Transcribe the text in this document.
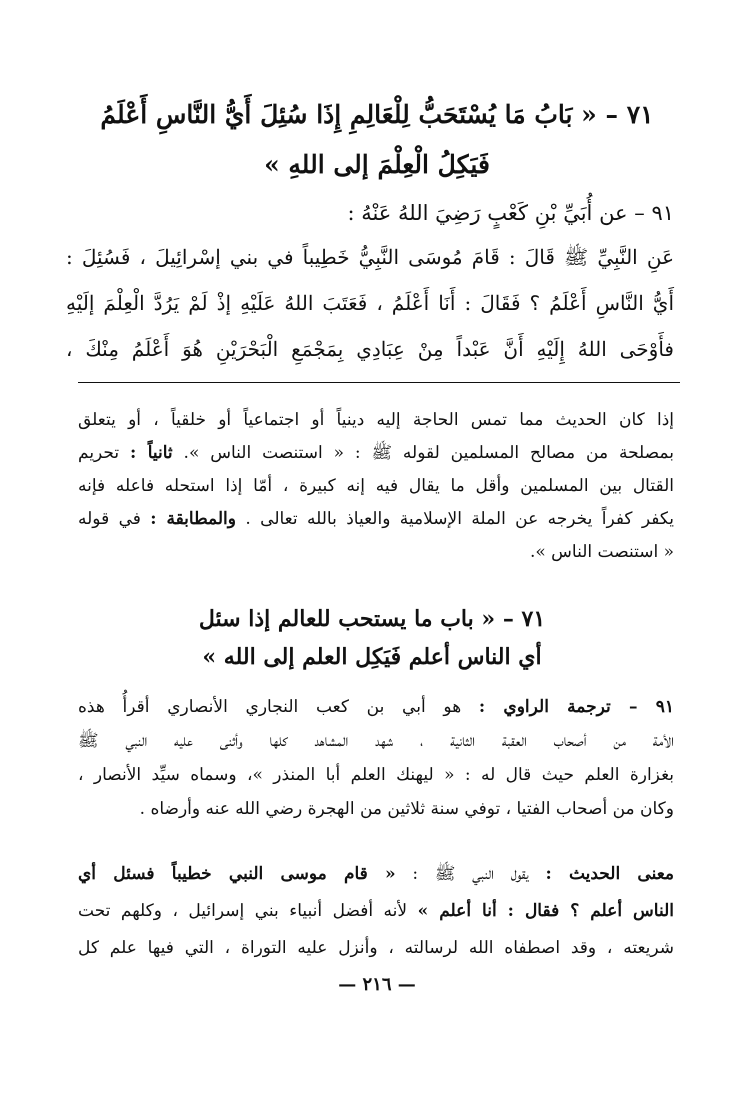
٧١ – « بَابُ مَا يُسْتَحَبُّ لِلْعَالِمِ إِذَا سُئِلَ أَيُّ النَّاسِ أَعْلَمُ
فَيَكِلُ الْعِلْمَ إلى اللهِ »
٩١ – عن أُبَيِّ بْنِ كَعْبٍ رَضِيَ اللهُ عَنْهُ :
عَنِ النَّبِيِّ ﷺ قَالَ : قَامَ مُوسَى النَّبِيُّ خَطِيباً في بني إسْرائِيلَ ، فَسُئِلَ :
أَيُّ النَّاسِ أَعْلَمُ ؟ فَقَالَ : أَنَا أَعْلَمُ ، فَعَتَبَ اللهُ عَلَيْهِ إذْ لَمْ يَرُدَّ الْعِلْمَ إلَيْهِ
فأَوْحَى اللهُ إِلَيْهِ أَنَّ عَبْداً مِنْ عِبَادِي بِمَجْمَعِ الْبَحْرَيْنِ هُوَ أَعْلَمُ مِنْكَ ،
إذا كان الحديث مما تمس الحاجة إليه دينياً أو اجتماعياً أو خلقياً ، أو يتعلق
بمصلحة من مصالح المسلمين لقوله ﷺ : « استنصت الناس ». ثانياً : تحريم
القتال بين المسلمين وأقل ما يقال فيه إنه كبيرة ، أمّا إذا استحله فاعله فإنه
يكفر كفراً يخرجه عن الملة الإسلامية والعياذ بالله تعالى . والمطابقة : في قوله
« استنصت الناس ».
٧١ – « باب ما يستحب للعالم إذا سئل
أي الناس أعلم فَيَكِل العلم إلى الله »
٩١ – ترجمة الراوي : هو أبي بن كعب النجاري الأنصاري أقرأُ هذه
الأمة من أصحاب العقبة الثانية ، شهد المشاهد كلها وأثنى عليه النبي ﷺ
بغزارة العلم حيث قال له : « ليهنك العلم أبا المنذر »، وسماه سيِّد الأنصار ،
وكان من أصحاب الفتيا ، توفي سنة ثلاثين من الهجرة رضي الله عنه وأرضاه .
معنى الحديث : يقول النبي ﷺ : « قام موسى النبي خطيباً فسئل أي
الناس أعلم ؟ فقال : أنا أعلم » لأنه أفضل أنبياء بني إسرائيل ، وكلهم تحت
شريعته ، وقد اصطفاه الله لرسالته ، وأنزل عليه التوراة ، التي فيها علم كل
— ٢١٦ —
